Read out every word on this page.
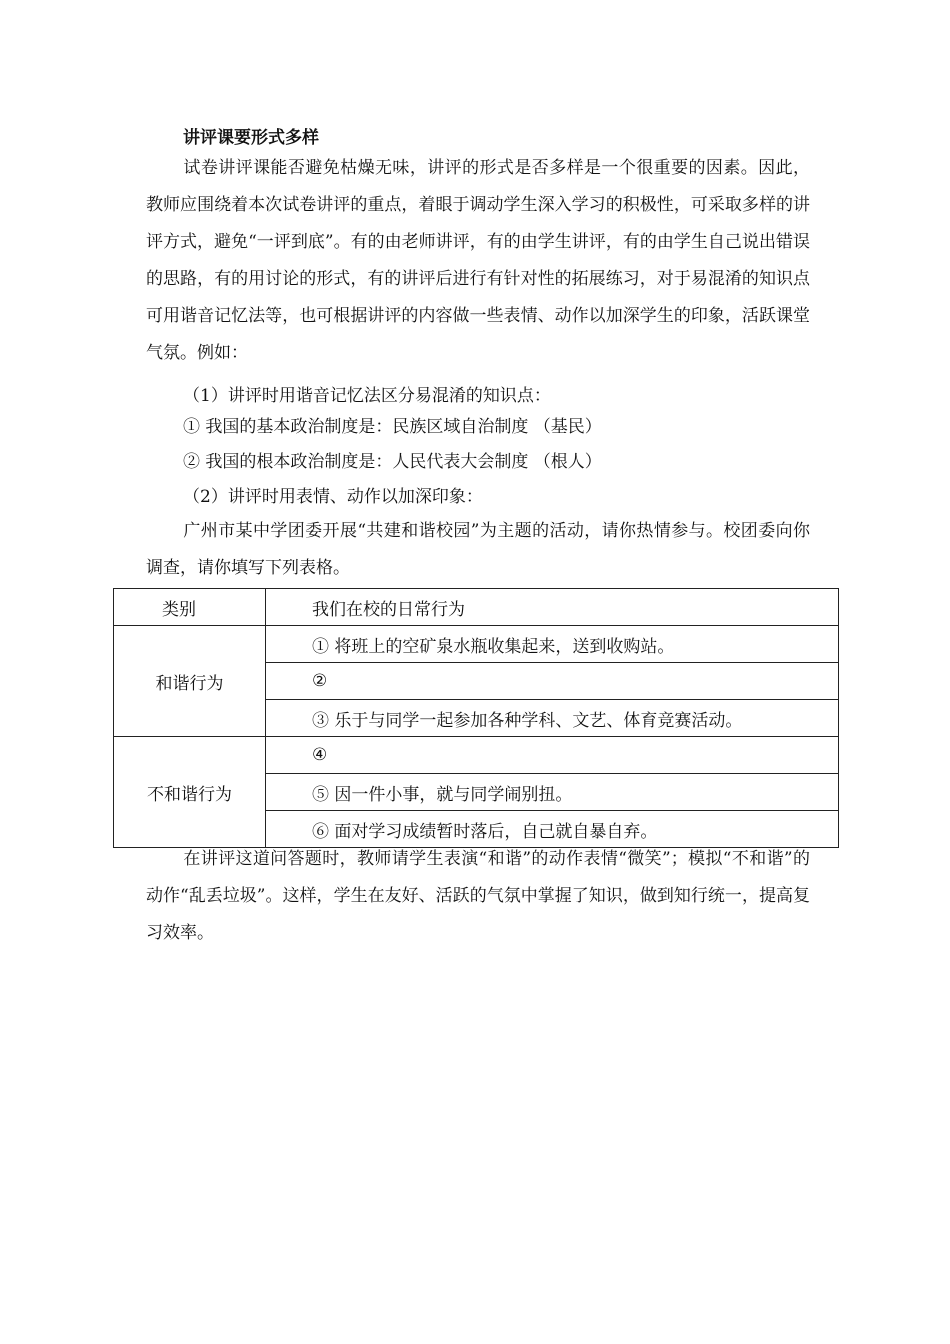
讲评课要形式多样
试卷讲评课能否避免枯燥无味，讲评的形式是否多样是一个很重要的因素。因此，教师应围绕着本次试卷讲评的重点，着眼于调动学生深入学习的积极性，可采取多样的讲评方式，避免“一评到底”。有的由老师讲评，有的由学生讲评，有的由学生自己说出错误的思路，有的用讨论的形式，有的讲评后进行有针对性的拓展练习，对于易混淆的知识点可用谐音记忆法等，也可根据讲评的内容做一些表情、动作以加深学生的印象，活跃课堂气氛。例如：
（1）讲评时用谐音记忆法区分易混淆的知识点：
① 我国的基本政治制度是：民族区域自治制度 （基民）
② 我国的根本政治制度是：人民代表大会制度 （根人）
（2）讲评时用表情、动作以加深印象：
广州市某中学团委开展“共建和谐校园”为主题的活动，请你热情参与。校团委向你调查，请你填写下列表格。
类别	我们在校的日常行为
和谐行为	① 将班上的空矿泉水瓶收集起来，送到收购站。
	②
	③ 乐于与同学一起参加各种学科、文艺、体育竞赛活动。
不和谐行为	④
	⑤ 因一件小事，就与同学闹别扭。
	⑥ 面对学习成绩暂时落后，自己就自暴自弃。
在讲评这道问答题时，教师请学生表演“和谐”的动作表情“微笑”；模拟“不和谐”的动作“乱丢垃圾”。这样，学生在友好、活跃的气氛中掌握了知识，做到知行统一，提高复习效率。
